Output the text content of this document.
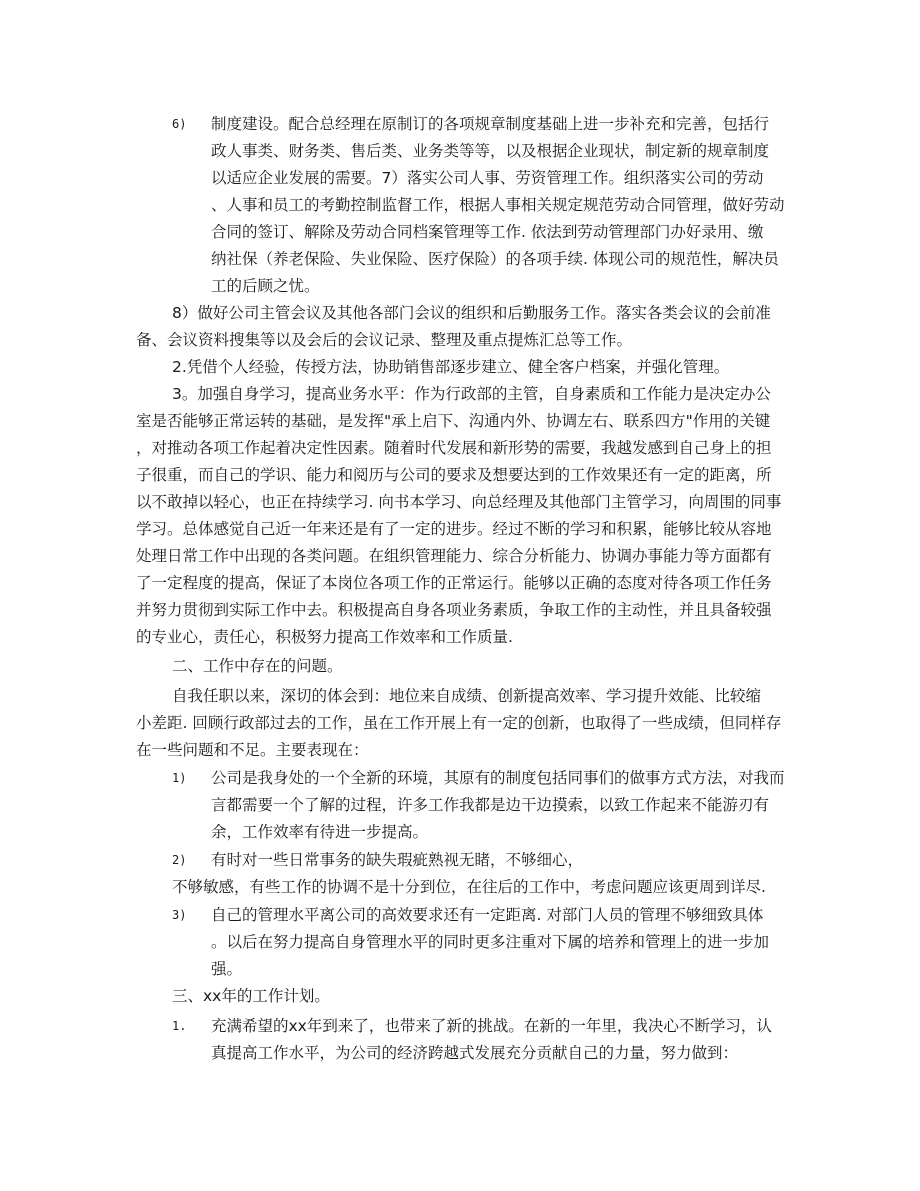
6) 制度建设。配合总经理在原制订的各项规章制度基础上进一步补充和完善，包括行
政人事类、财务类、售后类、业务类等等，以及根据企业现状，制定新的规章制度
以适应企业发展的需要。7）落实公司人事、劳资管理工作。组织落实公司的劳动
、人事和员工的考勤控制监督工作，根据人事相关规定规范劳动合同管理，做好劳动
合同的签订、解除及劳动合同档案管理等工作. 依法到劳动管理部门办好录用、缴
纳社保（养老保险、失业保险、医疗保险）的各项手续. 体现公司的规范性，解决员
工的后顾之忧。
8）做好公司主管会议及其他各部门会议的组织和后勤服务工作。落实各类会议的会前准
备、会议资料搜集等以及会后的会议记录、整理及重点提炼汇总等工作。
2.凭借个人经验，传授方法，协助销售部逐步建立、健全客户档案，并强化管理。
3。加强自身学习，提高业务水平：作为行政部的主管，自身素质和工作能力是决定办公
室是否能够正常运转的基础，是发挥"承上启下、沟通内外、协调左右、联系四方"作用的关键
，对推动各项工作起着决定性因素。随着时代发展和新形势的需要，我越发感到自己身上的担
子很重，而自己的学识、能力和阅历与公司的要求及想要达到的工作效果还有一定的距离，所
以不敢掉以轻心，也正在持续学习. 向书本学习、向总经理及其他部门主管学习，向周围的同事
学习。总体感觉自己近一年来还是有了一定的进步。经过不断的学习和积累，能够比较从容地
处理日常工作中出现的各类问题。在组织管理能力、综合分析能力、协调办事能力等方面都有
了一定程度的提高，保证了本岗位各项工作的正常运行。能够以正确的态度对待各项工作任务
并努力贯彻到实际工作中去。积极提高自身各项业务素质，争取工作的主动性，并且具备较强
的专业心，责任心，积极努力提高工作效率和工作质量.
二、工作中存在的问题。
自我任职以来，深切的体会到：地位来自成绩、创新提高效率、学习提升效能、比较缩
小差距. 回顾行政部过去的工作，虽在工作开展上有一定的创新，也取得了一些成绩，但同样存
在一些问题和不足。主要表现在：
1) 公司是我身处的一个全新的环境，其原有的制度包括同事们的做事方式方法，对我而
言都需要一个了解的过程，许多工作我都是边干边摸索，以致工作起来不能游刃有
余，工作效率有待进一步提高。
2) 有时对一些日常事务的缺失瑕疵熟视无睹，不够细心，
不够敏感，有些工作的协调不是十分到位，在往后的工作中，考虑问题应该更周到详尽.
3) 自己的管理水平离公司的高效要求还有一定距离. 对部门人员的管理不够细致具体
。以后在努力提高自身管理水平的同时更多注重对下属的培养和管理上的进一步加
强。
三、xx年的工作计划。
1. 充满希望的xx年到来了，也带来了新的挑战。在新的一年里，我决心不断学习，认
真提高工作水平，为公司的经济跨越式发展充分贡献自己的力量，努力做到：
